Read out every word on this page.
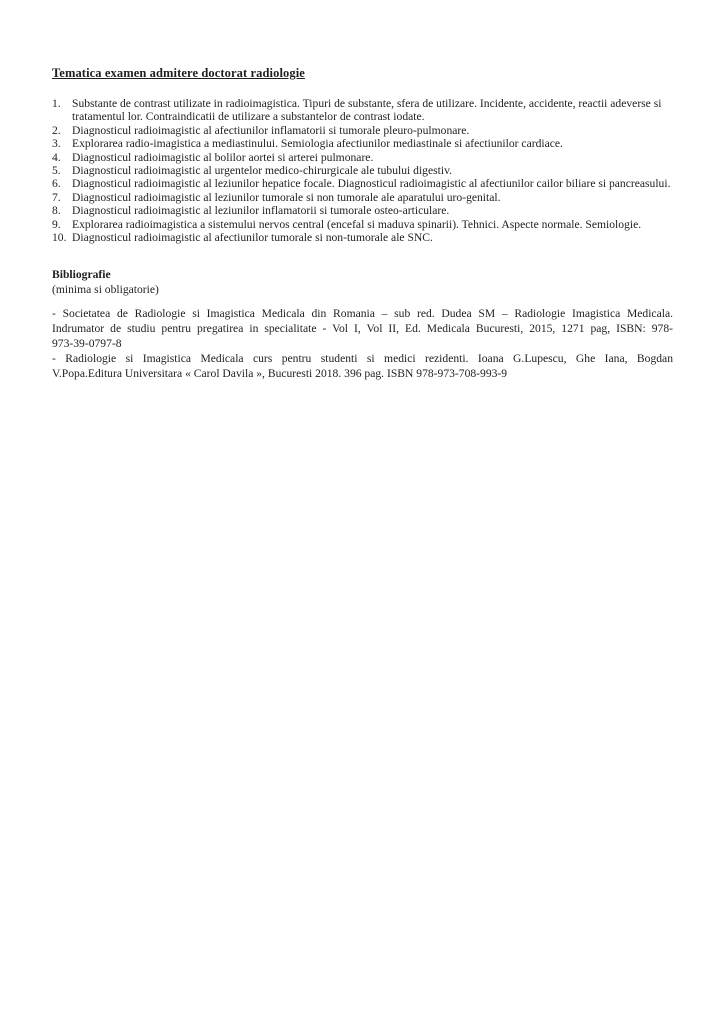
Tematica examen admitere doctorat radiologie
1. Substante de contrast utilizate in radioimagistica. Tipuri de substante, sfera de utilizare. Incidente, accidente, reactii adeverse si tratamentul lor. Contraindicatii de utilizare a substantelor de contrast iodate.
2. Diagnosticul radioimagistic al afectiunilor inflamatorii si tumorale pleuro-pulmonare.
3. Explorarea radio-imagistica a mediastinului. Semiologia afectiunilor mediastinale si afectiunilor cardiace.
4. Diagnosticul radioimagistic al bolilor aortei si arterei pulmonare.
5. Diagnosticul radioimagistic al urgentelor medico-chirurgicale ale tubului digestiv.
6. Diagnosticul radioimagistic al leziunilor hepatice focale. Diagnosticul radioimagistic al afectiunilor cailor biliare si pancreasului.
7. Diagnosticul radioimagistic al leziunilor tumorale si non tumorale ale aparatului uro-genital.
8. Diagnosticul radioimagistic al leziunilor inflamatorii si tumorale osteo-articulare.
9. Explorarea radioimagistica a sistemului nervos central (encefal si maduva spinarii). Tehnici. Aspecte normale. Semiologie.
10. Diagnosticul radioimagistic al afectiunilor tumorale si non-tumorale ale SNC.
Bibliografie
(minima si obligatorie)
- Societatea de Radiologie si Imagistica Medicala din Romania – sub red. Dudea SM – Radiologie Imagistica Medicala.
Indrumator de studiu pentru pregatirea in specialitate - Vol I, Vol II, Ed. Medicala Bucuresti, 2015, 1271 pag, ISBN: 978-
973-39-0797-8
- Radiologie si Imagistica Medicala curs pentru studenti si medici rezidenti. Ioana G.Lupescu, Ghe Iana, Bogdan
V.Popa.Editura Universitara « Carol Davila », Bucuresti 2018. 396 pag. ISBN 978-973-708-993-9
